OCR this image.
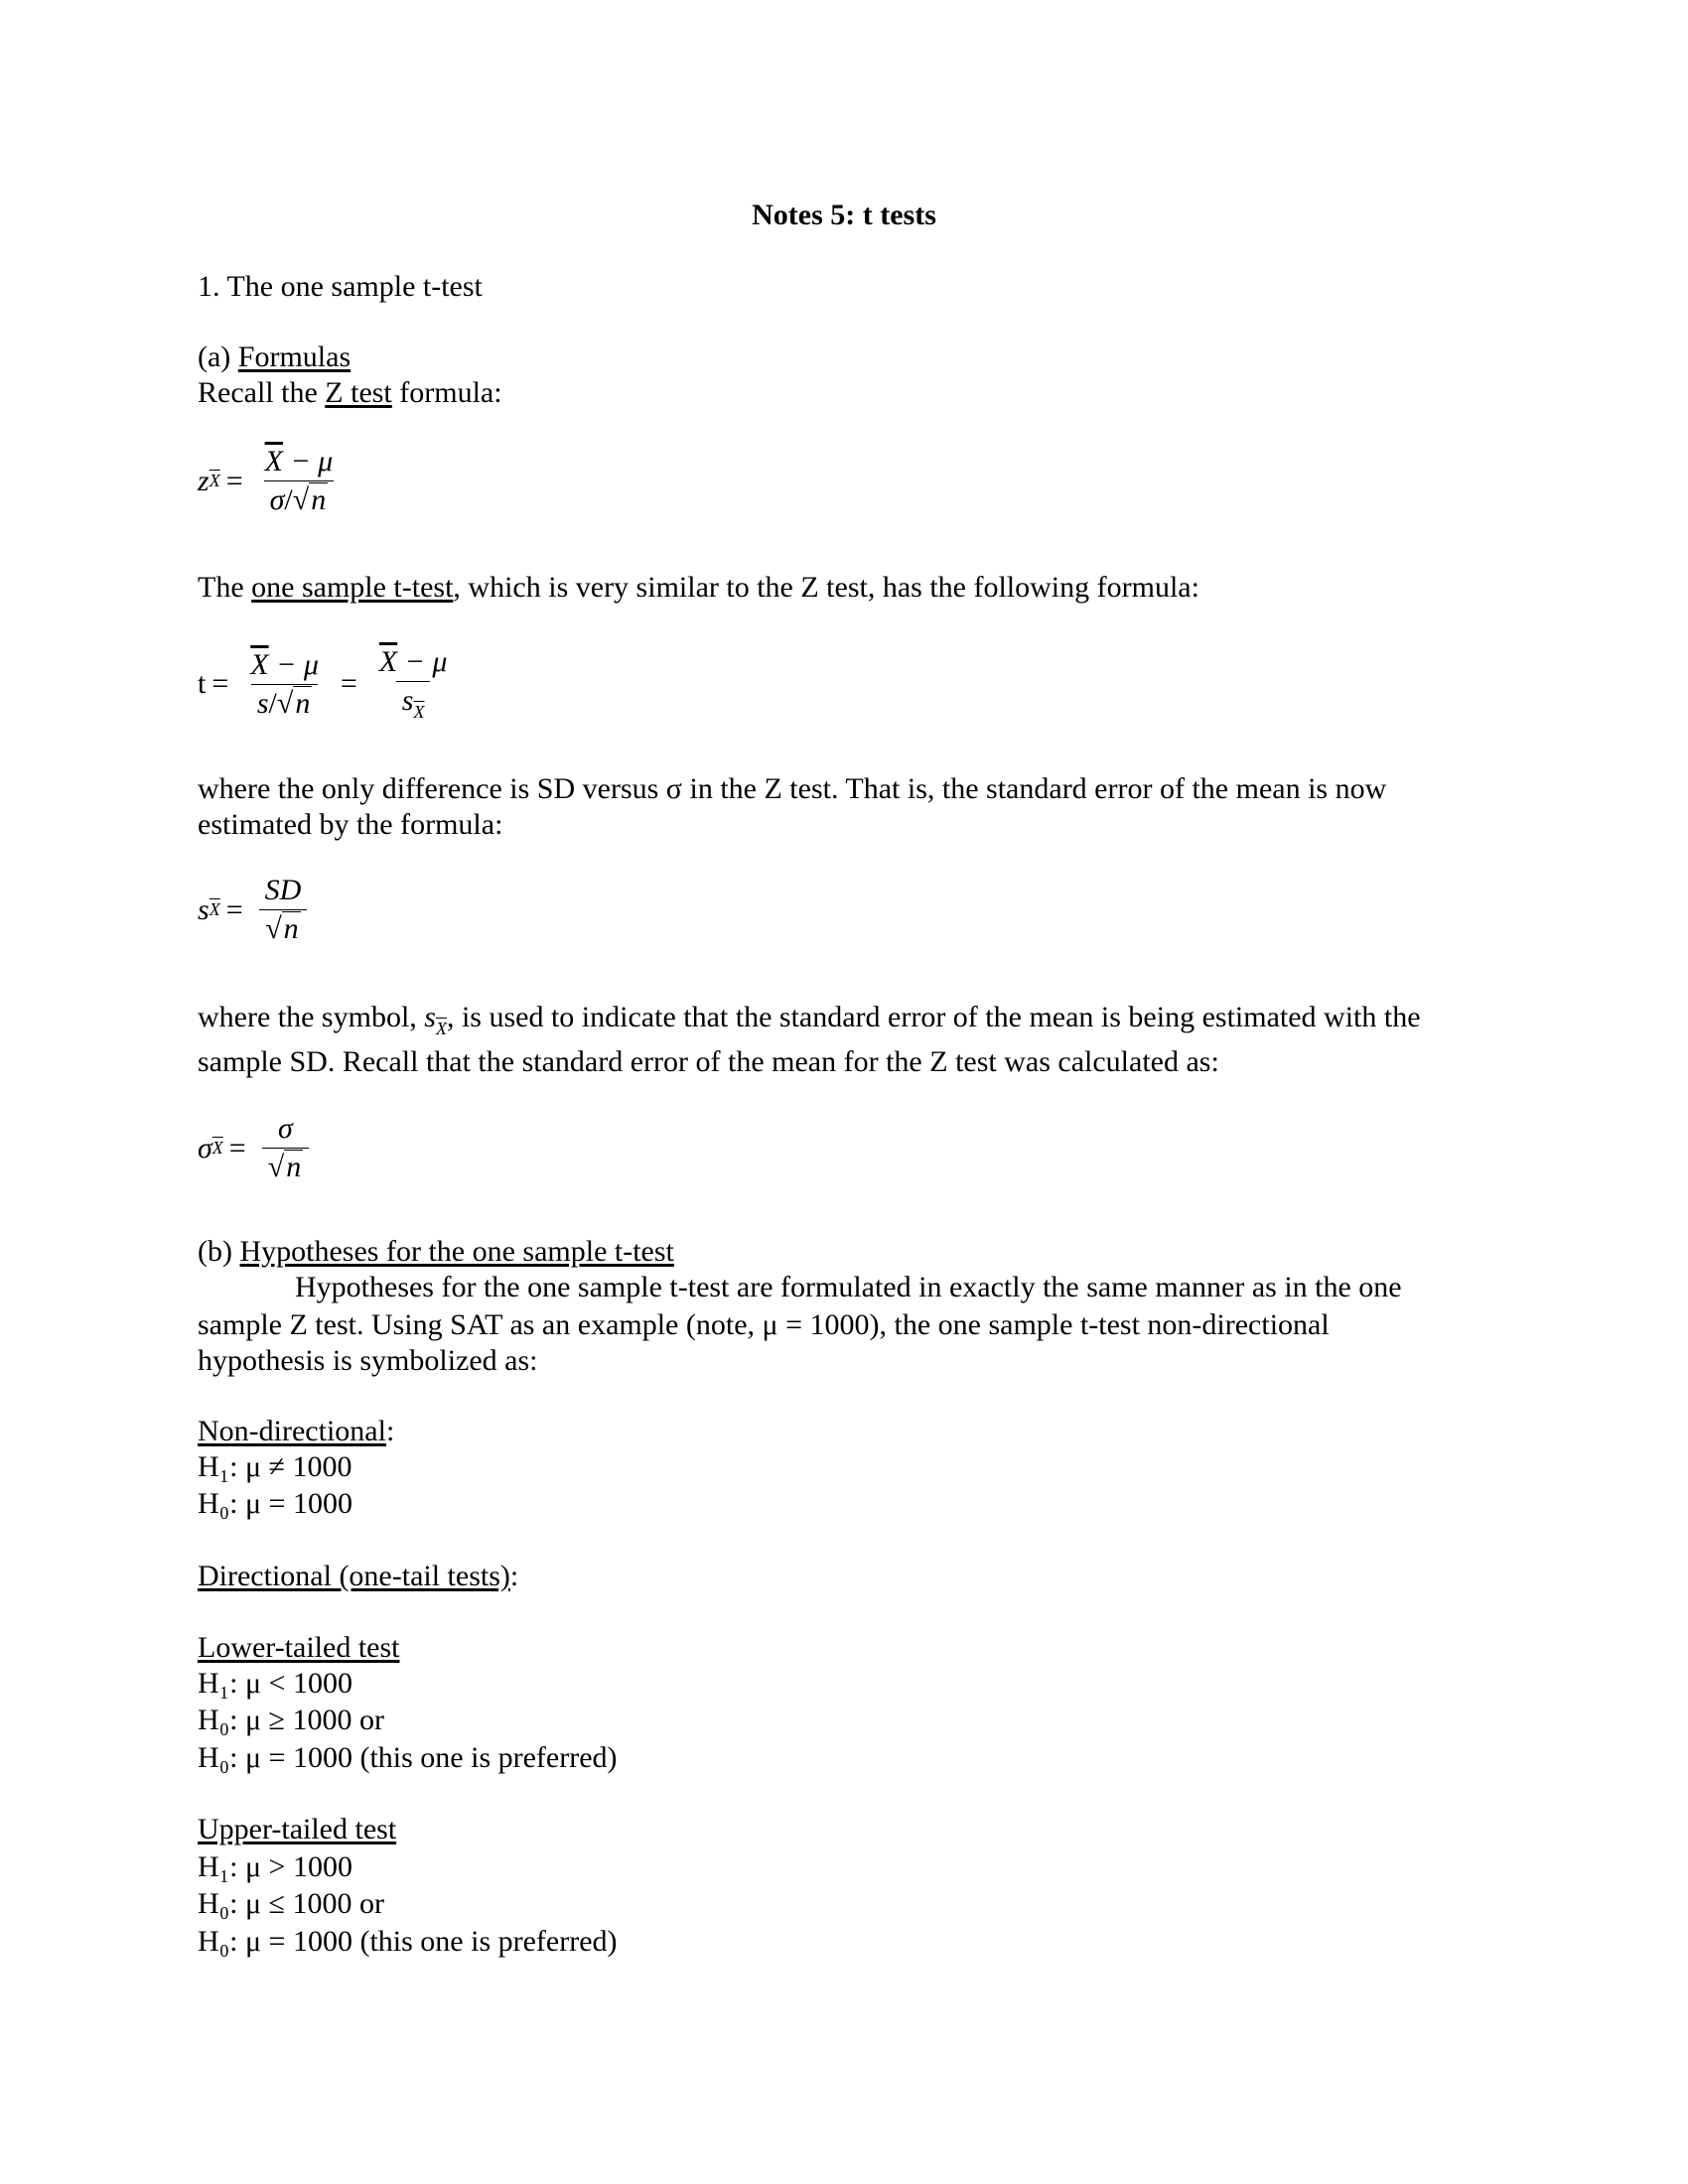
Notes 5: t tests
1. The one sample t-test
(a) Formulas
Recall the Z test formula:
z $\overline{X} = \frac{\overline{X} - \mu}{\sigma/√n}$
The one sample t-test, which is very similar to the Z test, has the following formula:
$t = \frac{\overline{X} - \mu}{s/√n} = \frac{\overline{X} - \mu}{s_{\overline{X}}}$
where the only difference is SD versus σ in the Z test. That is, the standard error of the mean is now
estimated by the formula:
s $\overline{X} = \frac{SD}{√n}$
where the symbol, $s_{\overline{X}}$, is used to indicate that the standard error of the mean is being estimated with the
sample SD. Recall that the standard error of the mean for the Z test was calculated as:
σ $\overline{X} = \frac{\sigma}{√n}$
(b) Hypotheses for the one sample t-test
Hypotheses for the one sample t-test are formulated in exactly the same manner as in the one
sample Z test. Using SAT as an example (note, μ = 1000), the one sample t-test non-directional
hypothesis is symbolized as:
Non-directional:
H₁: μ ≠ 1000
H₀: μ = 1000
Directional (one-tail tests):
Lower-tailed test
H₁: μ < 1000
H₀: μ ≥ 1000 or
H₀: μ = 1000 (this one is preferred)
Upper-tailed test
H₁: μ > 1000
H₀: μ ≤ 1000 or
H₀: μ = 1000 (this one is preferred)
